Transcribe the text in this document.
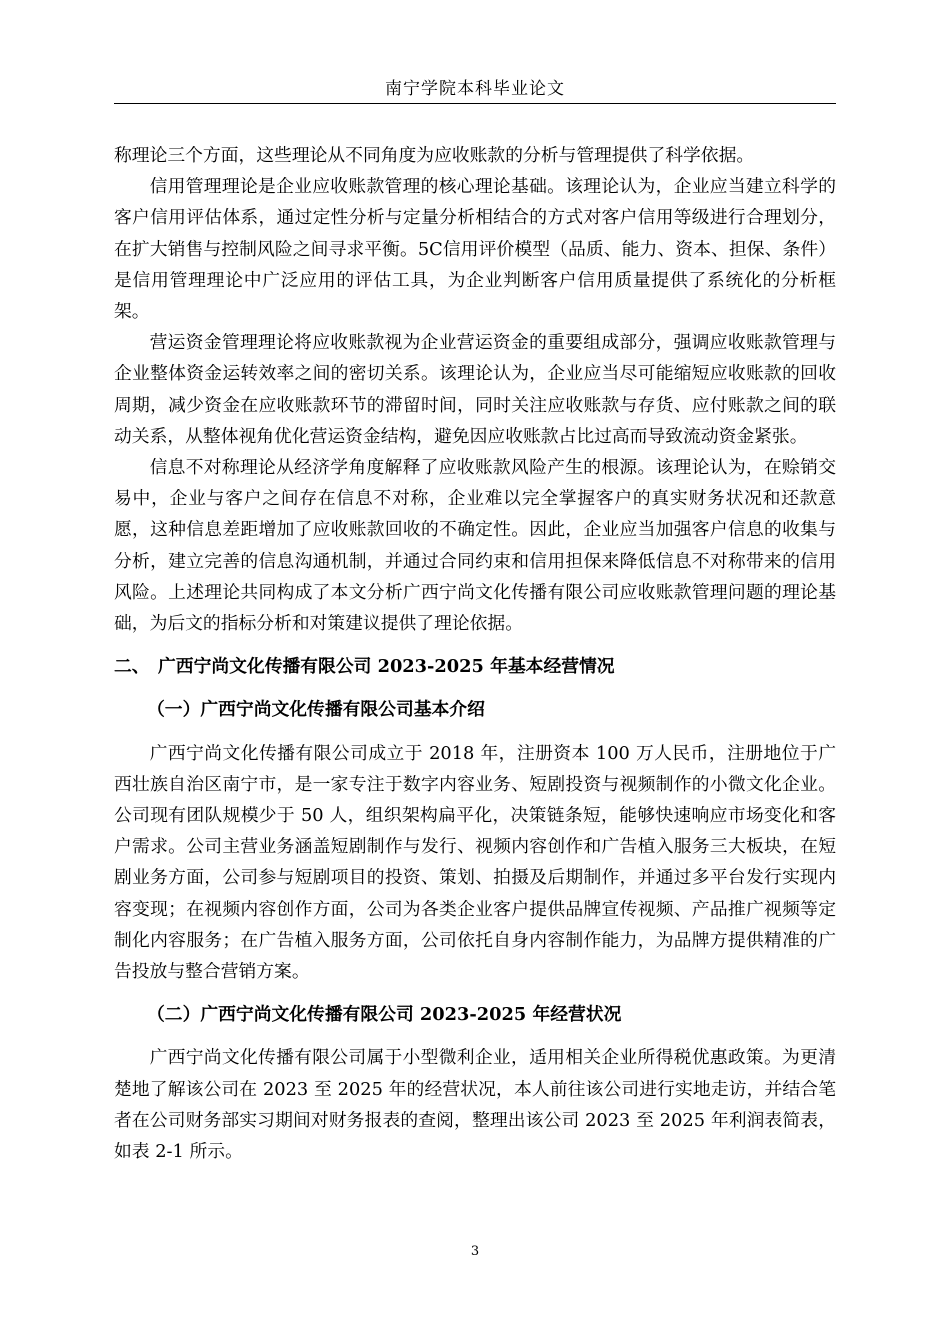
南宁学院本科毕业论文

称理论三个方面，这些理论从不同角度为应收账款的分析与管理提供了科学依据。

信用管理理论是企业应收账款管理的核心理论基础。该理论认为，企业应当建立科学的客户信用评估体系，通过定性分析与定量分析相结合的方式对客户信用等级进行合理划分，在扩大销售与控制风险之间寻求平衡。5C信用评价模型（品质、能力、资本、担保、条件）是信用管理理论中广泛应用的评估工具，为企业判断客户信用质量提供了系统化的分析框架。

营运资金管理理论将应收账款视为企业营运资金的重要组成部分，强调应收账款管理与企业整体资金运转效率之间的密切关系。该理论认为，企业应当尽可能缩短应收账款的回收周期，减少资金在应收账款环节的滞留时间，同时关注应收账款与存货、应付账款之间的联动关系，从整体视角优化营运资金结构，避免因应收账款占比过高而导致流动资金紧张。

信息不对称理论从经济学角度解释了应收账款风险产生的根源。该理论认为，在赊销交易中，企业与客户之间存在信息不对称，企业难以完全掌握客户的真实财务状况和还款意愿，这种信息差距增加了应收账款回收的不确定性。因此，企业应当加强客户信息的收集与分析，建立完善的信息沟通机制，并通过合同约束和信用担保来降低信息不对称带来的信用风险。上述理论共同构成了本文分析广西宁尚文化传播有限公司应收账款管理问题的理论基础，为后文的指标分析和对策建议提供了理论依据。

二、 广西宁尚文化传播有限公司 2023-2025 年基本经营情况
（一）广西宁尚文化传播有限公司基本介绍

广西宁尚文化传播有限公司成立于 2018 年，注册资本 100 万人民币，注册地位于广西壮族自治区南宁市，是一家专注于数字内容业务、短剧投资与视频制作的小微文化企业。公司现有团队规模少于 50 人，组织架构扁平化，决策链条短，能够快速响应市场变化和客户需求。公司主营业务涵盖短剧制作与发行、视频内容创作和广告植入服务三大板块，在短剧业务方面，公司参与短剧项目的投资、策划、拍摄及后期制作，并通过多平台发行实现内容变现；在视频内容创作方面，公司为各类企业客户提供品牌宣传视频、产品推广视频等定制化内容服务；在广告植入服务方面，公司依托自身内容制作能力，为品牌方提供精准的广告投放与整合营销方案。

（二）广西宁尚文化传播有限公司 2023-2025 年经营状况

广西宁尚文化传播有限公司属于小型微利企业，适用相关企业所得税优惠政策。为更清楚地了解该公司在 2023 至 2025 年的经营状况，本人前往该公司进行实地走访，并结合笔者在公司财务部实习期间对财务报表的查阅，整理出该公司 2023 至 2025 年利润表简表，如表 2-1 所示。

3
